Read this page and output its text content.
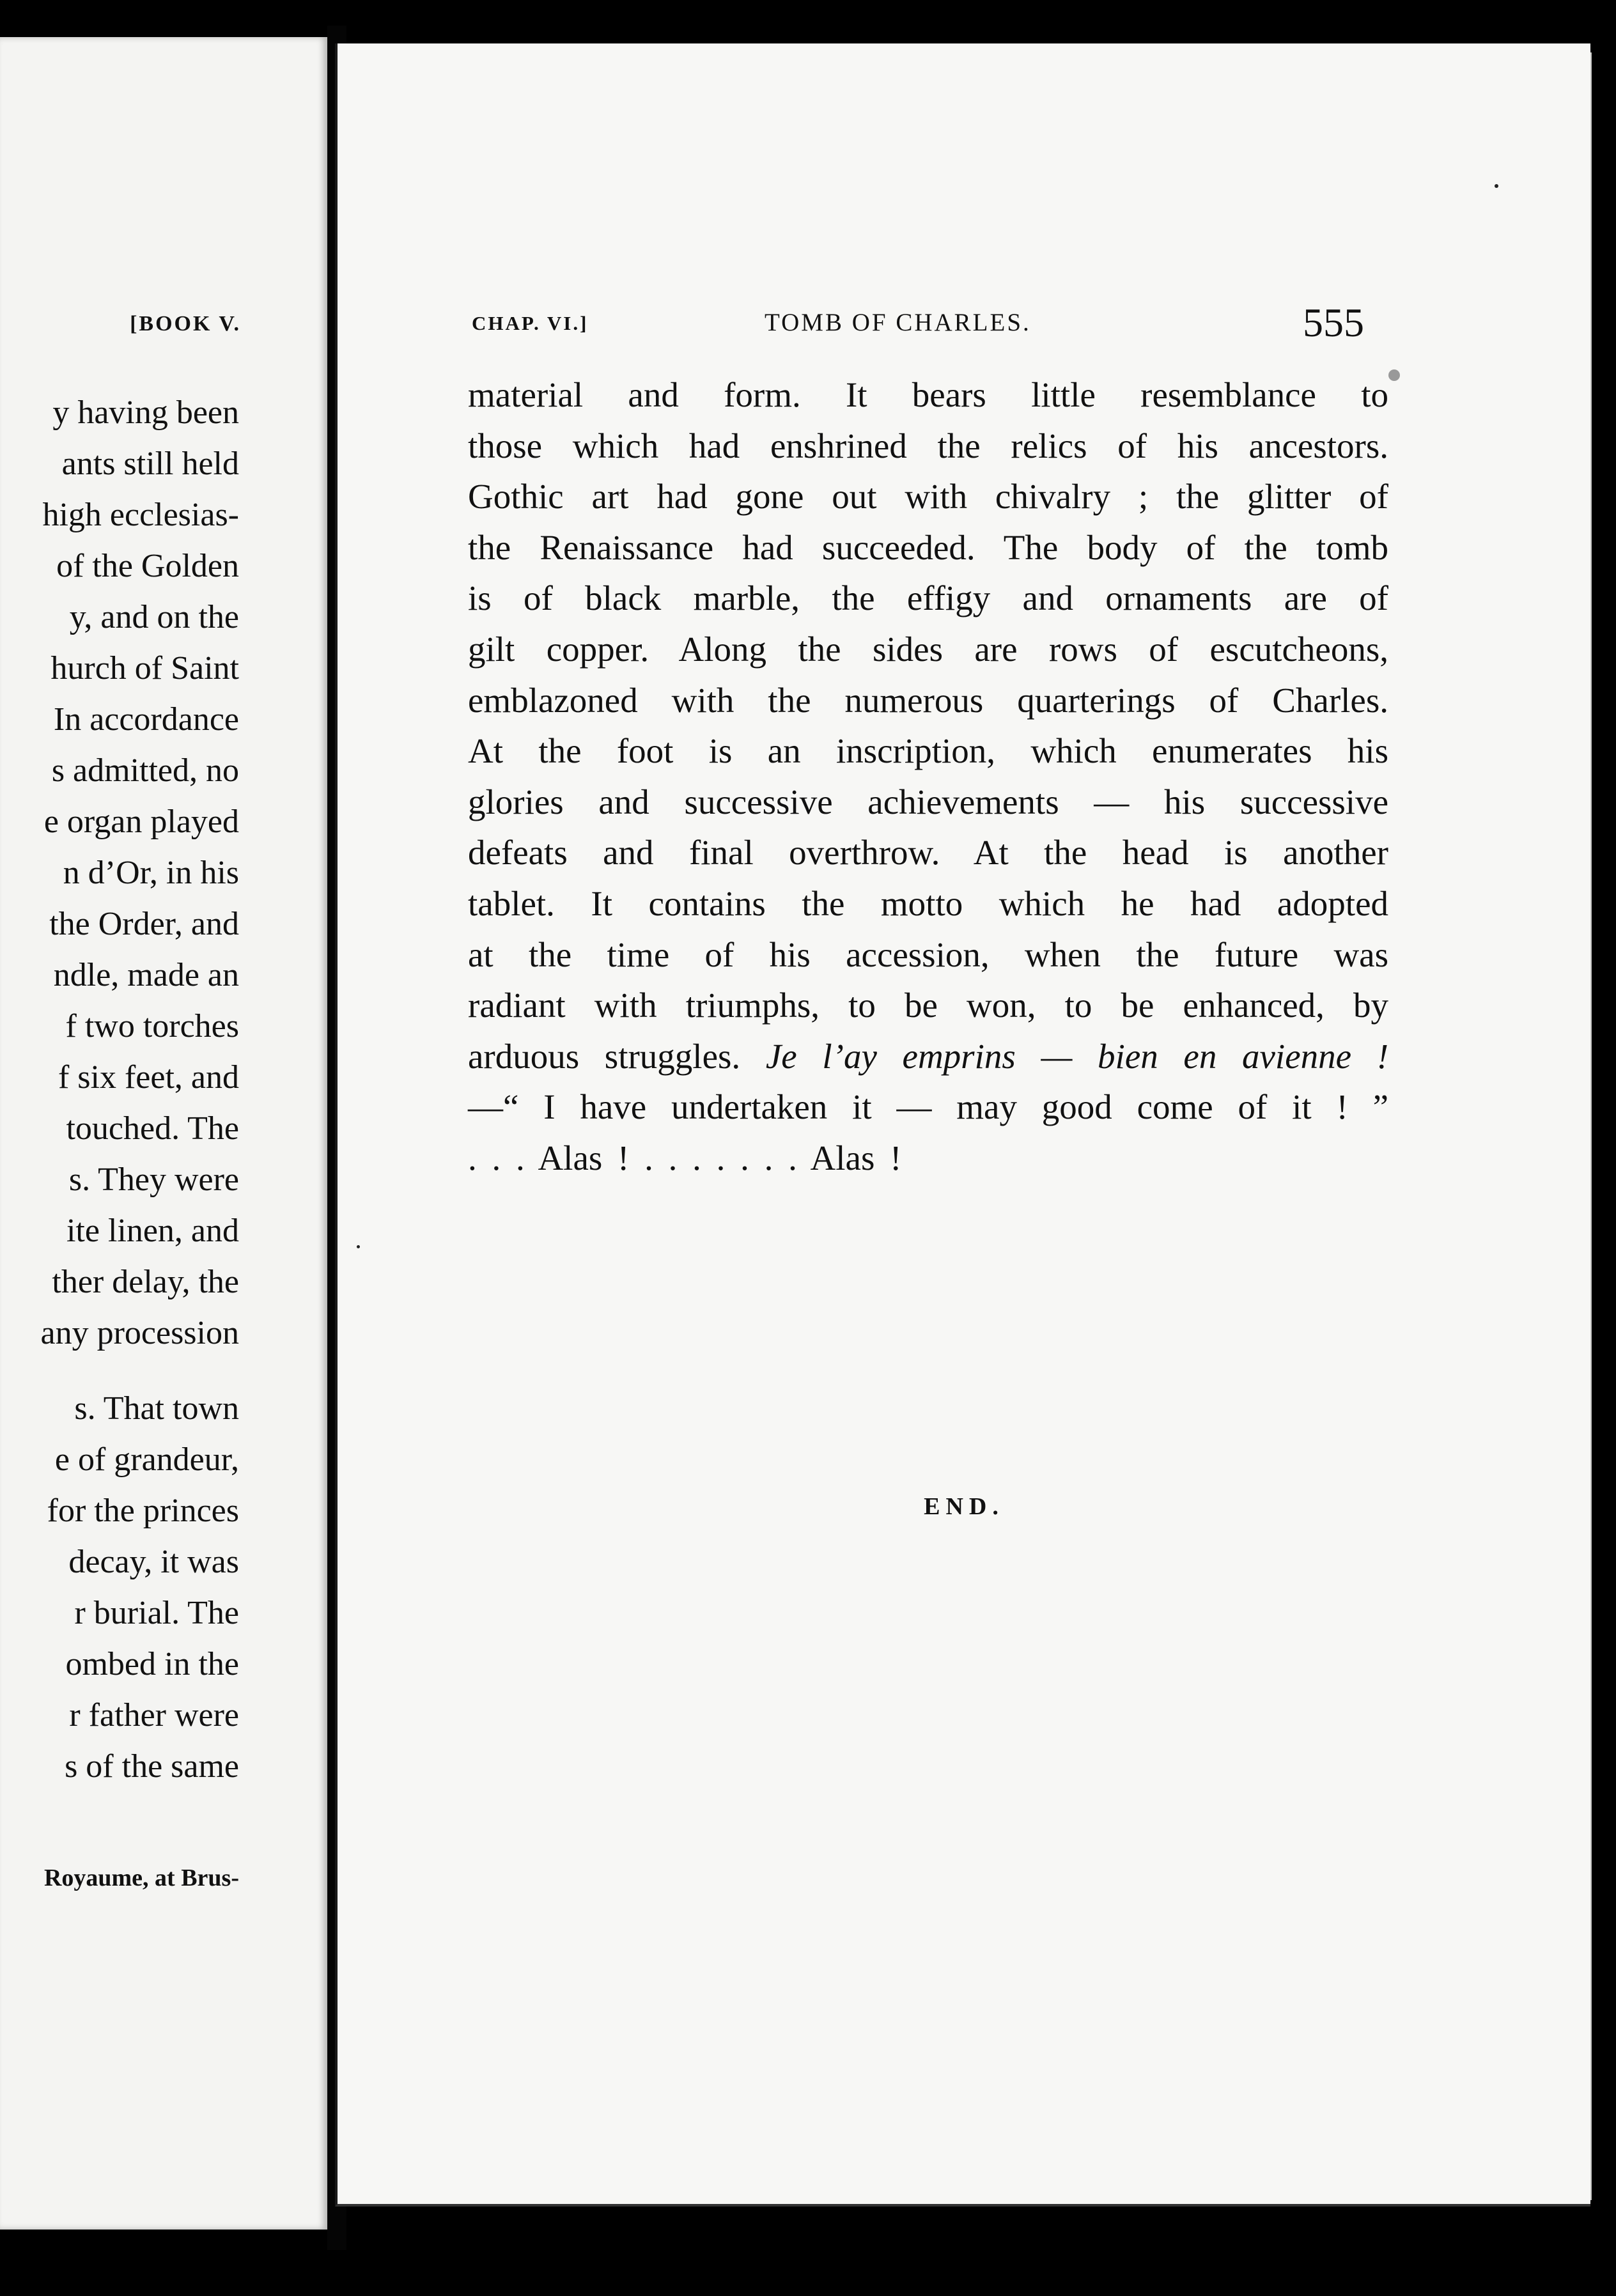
[BOOK V.
y having been
ants still held
high ecclesias-
of the Golden
y, and on the
hurch of Saint
In accordance
s admitted, no
e organ played
n d’Or, in his
the Order, and
ndle, made an
f two torches
f six feet, and
touched. The
s. They were
ite linen, and
ther delay, the
any procession
s. That town
e of grandeur,
for the princes
decay, it was
r burial. The
ombed in the
r father were
s of the same
Royaume, at Brus-
CHAP. VI.]	TOMB OF CHARLES.	555
material and form. It bears little resemblance to
those which had enshrined the relics of his ancestors.
Gothic art had gone out with chivalry ; the glitter of
the Renaissance had succeeded. The body of the tomb
is of black marble, the effigy and ornaments are of
gilt copper. Along the sides are rows of escutcheons,
emblazoned with the numerous quarterings of Charles.
At the foot is an inscription, which enumerates his
glories and successive achievements — his successive
defeats and final overthrow. At the head is another
tablet. It contains the motto which he had adopted
at the time of his accession, when the future was
radiant with triumphs, to be won, to be enhanced, by
arduous struggles. Je l’ay emprins — bien en avienne !
—“ I have undertaken it — may good come of it ! ”
. . . Alas ! . . . . . . . Alas !
END.
